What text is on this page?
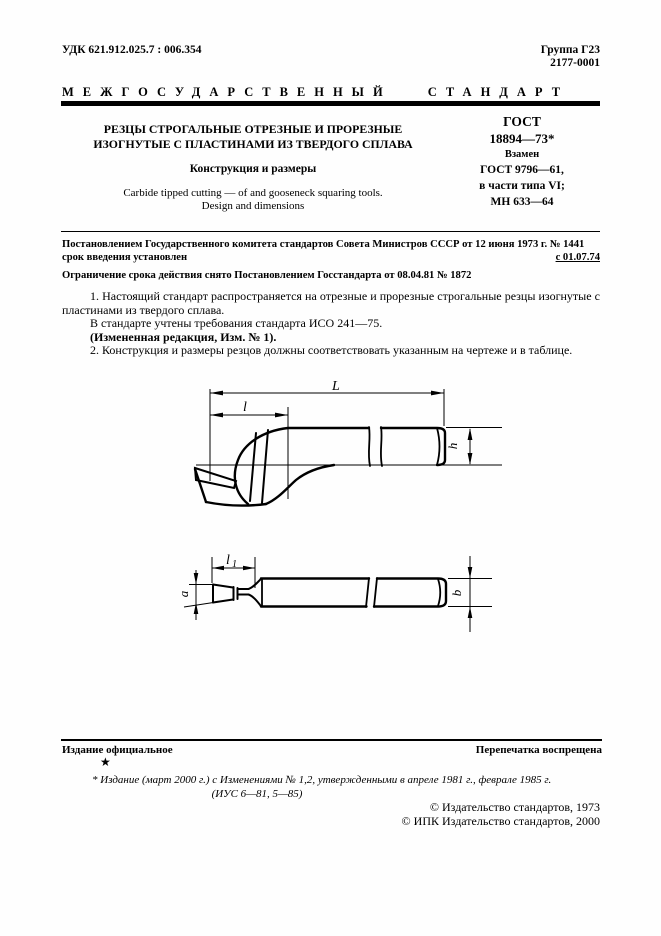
УДК 621.912.025.7 : 006.354	Группа Г23
2177-0001
МЕЖГОСУДАРСТВЕННЫЙ СТАНДАРТ
РЕЗЦЫ СТРОГАЛЬНЫЕ ОТРЕЗНЫЕ И ПРОРЕЗНЫЕ
ИЗОГНУТЫЕ С ПЛАСТИНАМИ ИЗ ТВЕРДОГО СПЛАВА
Конструкция и размеры
Carbide tipped cutting — of and gooseneck squaring tools.
Design and dimensions
ГОСТ
18894—73*
Взамен
ГОСТ 9796—61,
в части типа VI;
МН 633—64
Постановлением Государственного комитета стандартов Совета Министров СССР от 12 июня 1973 г. № 1441
срок введения установлен	с 01.07.74
Ограничение срока действия снято Постановлением Госстандарта от 08.04.81 № 1872

1. Настоящий стандарт распространяется на отрезные и прорезные строгальные резцы изогнутые с пластинами из твердого сплава.

В стандарте учтены требования стандарта ИСО 241—75.

(Измененная редакция, Изм. № 1).

2. Конструкция и размеры резцов должны соответствовать указанным на чертеже и в таблице.

L
l
h
l 1
a	b
Издание официальное	Перепечатка воспрещена
★
* Издание (март 2000 г.) с Изменениями № 1,2, утвержденными в апреле 1981 г., феврале 1985 г.
(ИУС 6—81, 5—85)
© Издательство стандартов, 1973
© ИПК Издательство стандартов, 2000
